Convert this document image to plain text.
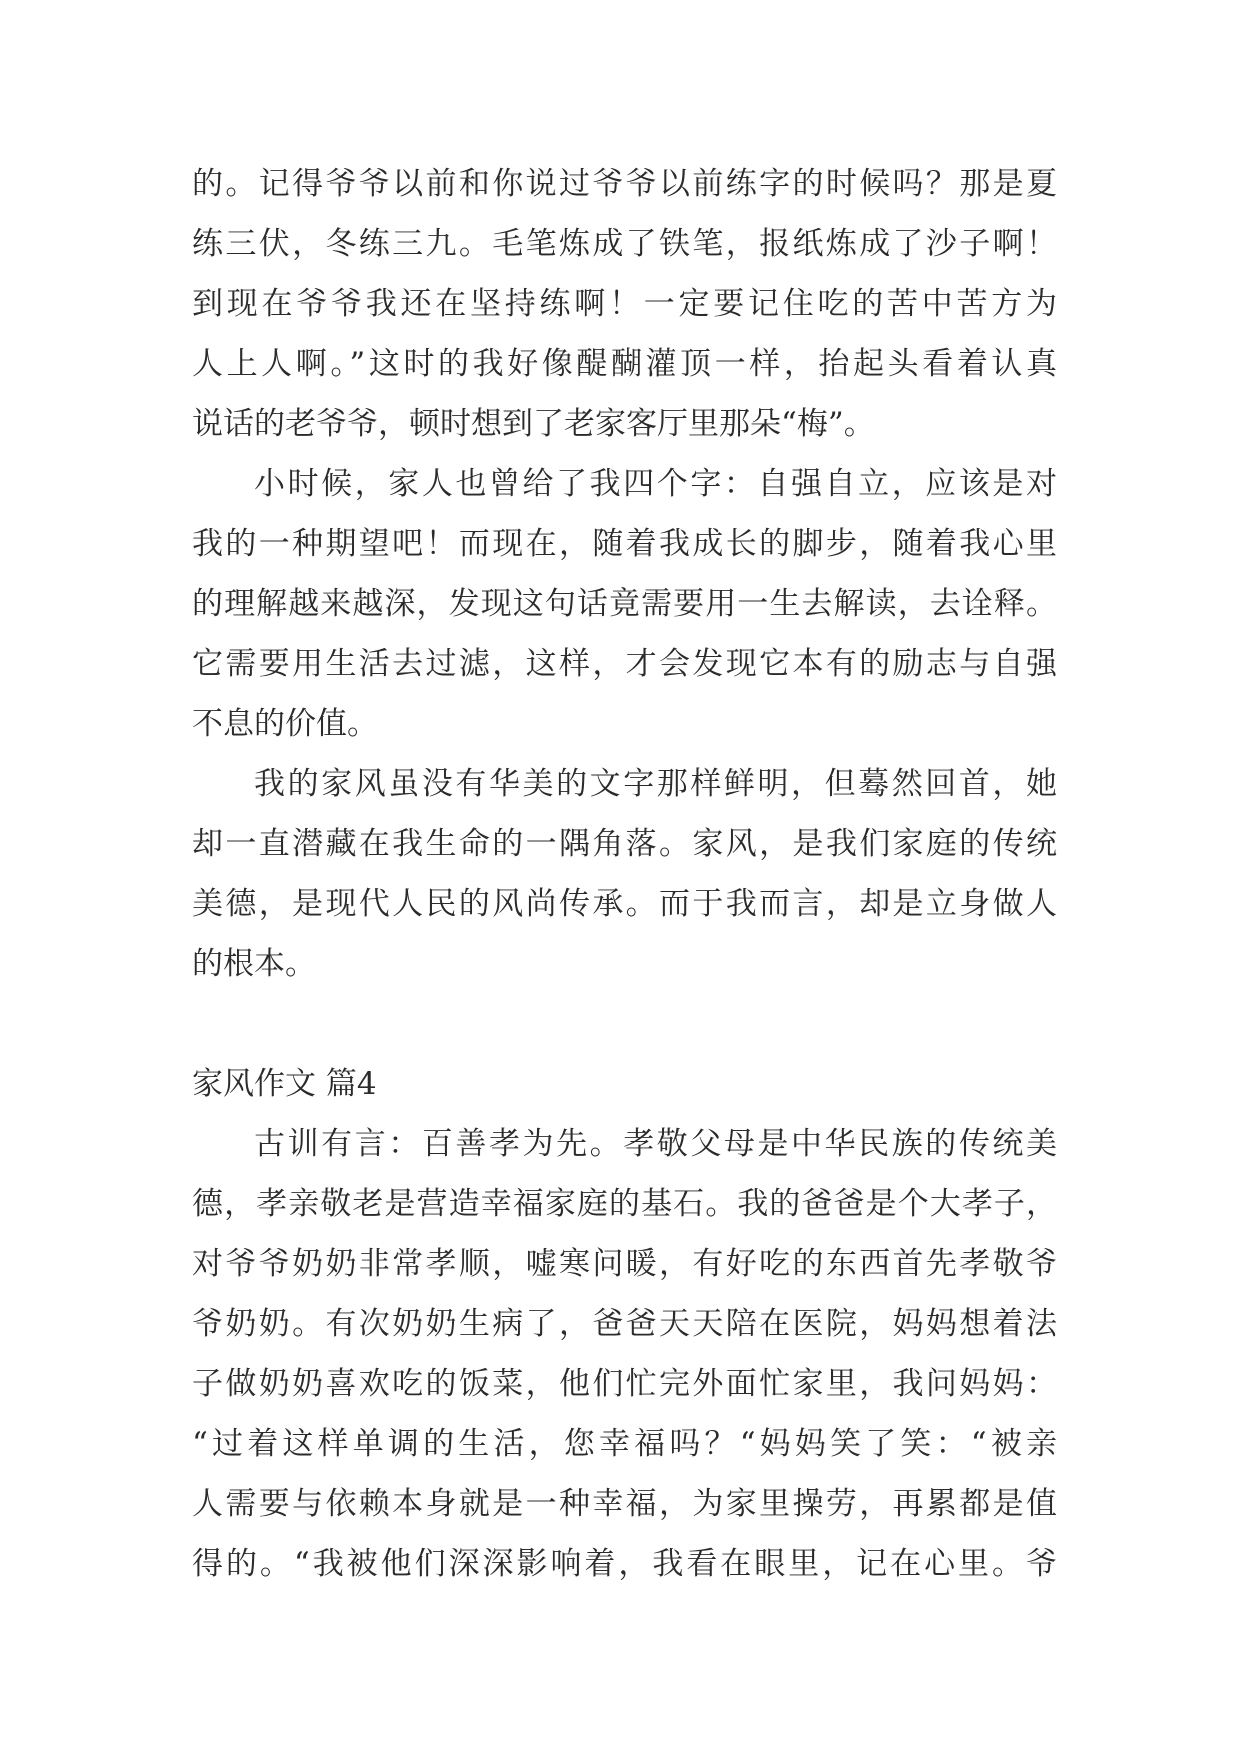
的。记得爷爷以前和你说过爷爷以前练字的时候吗？那是夏
练三伏，冬练三九。毛笔炼成了铁笔，报纸炼成了沙子啊！
到现在爷爷我还在坚持练啊！一定要记住吃的苦中苦方为
人上人啊。”这时的我好像醍醐灌顶一样，抬起头看着认真
说话的老爷爷，顿时想到了老家客厅里那朵“梅”。

小时候，家人也曾给了我四个字：自强自立，应该是对
我的一种期望吧！而现在，随着我成长的脚步，随着我心里
的理解越来越深，发现这句话竟需要用一生去解读，去诠释。
它需要用生活去过滤，这样，才会发现它本有的励志与自强
不息的价值。

我的家风虽没有华美的文字那样鲜明，但蓦然回首，她
却一直潜藏在我生命的一隅角落。家风，是我们家庭的传统
美德，是现代人民的风尚传承。而于我而言，却是立身做人
的根本。

家风作文 篇4

古训有言：百善孝为先。孝敬父母是中华民族的传统美
德，孝亲敬老是营造幸福家庭的基石。我的爸爸是个大孝子，
对爷爷奶奶非常孝顺，嘘寒问暖，有好吃的东西首先孝敬爷
爷奶奶。有次奶奶生病了，爸爸天天陪在医院，妈妈想着法
子做奶奶喜欢吃的饭菜，他们忙完外面忙家里，我问妈妈：
“过着这样单调的生活，您幸福吗？“妈妈笑了笑：“被亲
人需要与依赖本身就是一种幸福，为家里操劳，再累都是值
得的。“我被他们深深影响着，我看在眼里，记在心里。爷
